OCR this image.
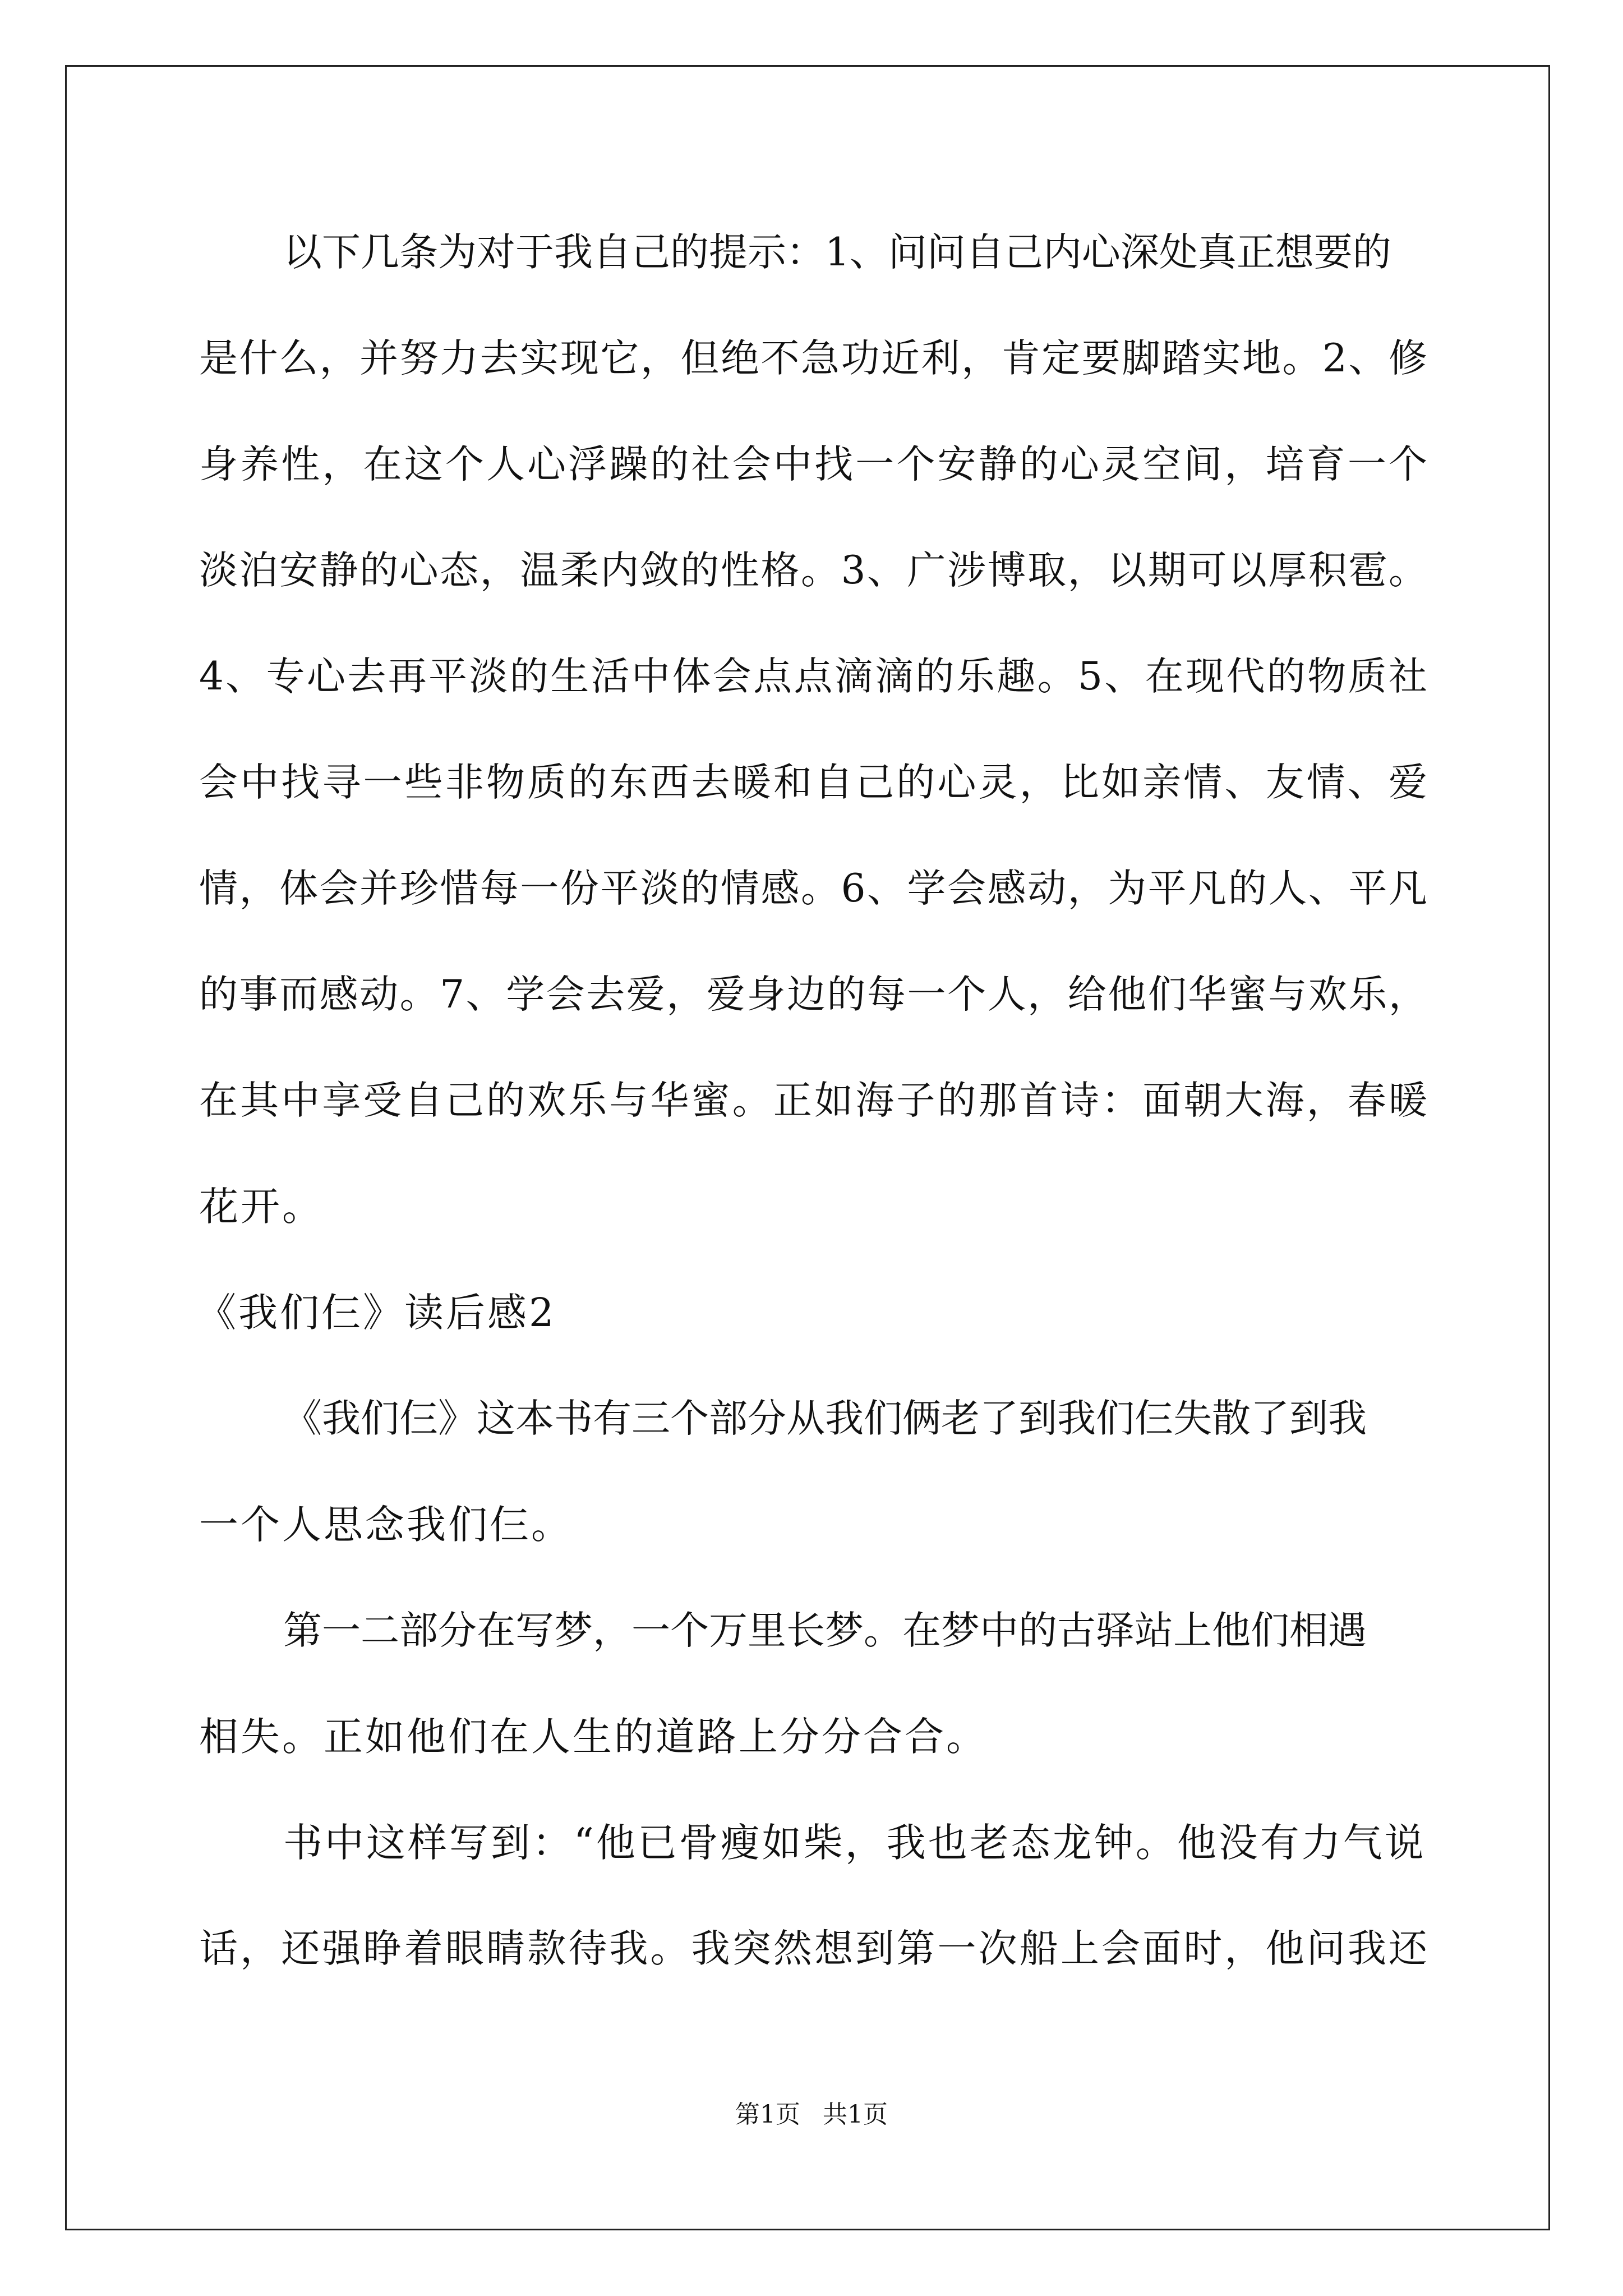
以下几条为对于我自己的提示：1、问问自己内心深处真正想要的
是什么，并努力去实现它，但绝不急功近利，肯定要脚踏实地。2、修
身养性，在这个人心浮躁的社会中找一个安静的心灵空间，培育一个
淡泊安静的心态，温柔内敛的性格。3、广涉博取，以期可以厚积雹。
4、专心去再平淡的生活中体会点点滴滴的乐趣。5、在现代的物质社
会中找寻一些非物质的东西去暖和自己的心灵，比如亲情、友情、爱
情，体会并珍惜每一份平淡的情感。6、学会感动，为平凡的人、平凡
的事而感动。7、学会去爱，爱身边的每一个人，给他们华蜜与欢乐，
在其中享受自己的欢乐与华蜜。正如海子的那首诗：面朝大海，春暖
花开。
《我们仨》读后感2
《我们仨》这本书有三个部分从我们俩老了到我们仨失散了到我
一个人思念我们仨。
第一二部分在写梦，一个万里长梦。在梦中的古驿站上他们相遇
相失。正如他们在人生的道路上分分合合。
书中这样写到：“他已骨瘦如柴，我也老态龙钟。他没有力气说
话，还强睁着眼睛款待我。我突然想到第一次船上会面时，他问我还
第1页 共1页
